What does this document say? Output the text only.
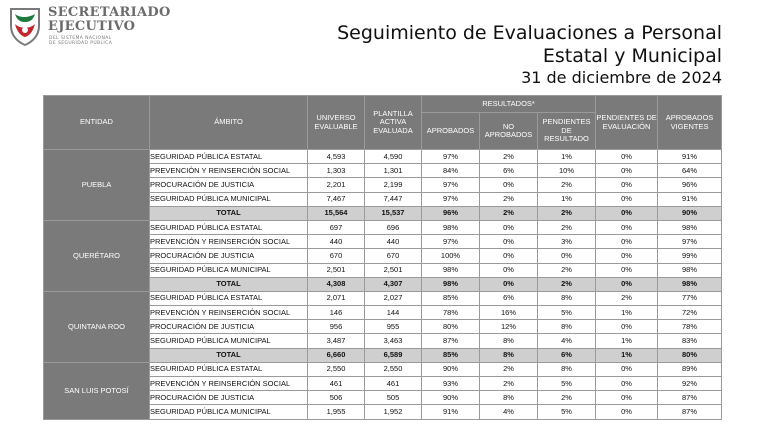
SECRETARIADO
EJECUTIVO
DEL SISTEMA NACIONAL
DE SEGURIDAD PÚBLICA	Seguimiento de Evaluaciones a Personal
Estatal y Municipal
31 de diciembre de 2024
ENTIDAD	ÁMBITO	UNIVERSO EVALUABLE	PLANTILLA ACTIVA EVALUADA	RESULTADOS*			PENDIENTES DE EVALUACIÓN	APROBADOS VIGENTES
				APROBADOS	NO APROBADOS	PENDIENTES DE RESULTADO		
PUEBLA	SEGURIDAD PÚBLICA ESTATAL	4,593	4,590	97%	2%	1%	0%	91%
	PREVENCIÓN Y REINSERCIÓN SOCIAL	1,303	1,301	84%	6%	10%	0%	64%
	PROCURACIÓN DE JUSTICIA	2,201	2,199	97%	0%	2%	0%	96%
	SEGURIDAD PÚBLICA MUNICIPAL	7,467	7,447	97%	2%	1%	0%	91%
	TOTAL	15,564	15,537	96%	2%	2%	0%	90%
QUERÉTARO	SEGURIDAD PÚBLICA ESTATAL	697	696	98%	0%	2%	0%	98%
	PREVENCIÓN Y REINSERCIÓN SOCIAL	440	440	97%	0%	3%	0%	97%
	PROCURACIÓN DE JUSTICIA	670	670	100%	0%	0%	0%	99%
	SEGURIDAD PÚBLICA MUNICIPAL	2,501	2,501	98%	0%	2%	0%	98%
	TOTAL	4,308	4,307	98%	0%	2%	0%	98%
QUINTANA ROO	SEGURIDAD PÚBLICA ESTATAL	2,071	2,027	85%	6%	8%	2%	77%
	PREVENCIÓN Y REINSERCIÓN SOCIAL	146	144	78%	16%	5%	1%	72%
	PROCURACIÓN DE JUSTICIA	956	955	80%	12%	8%	0%	78%
	SEGURIDAD PÚBLICA MUNICIPAL	3,487	3,463	87%	8%	4%	1%	83%
	TOTAL	6,660	6,589	85%	8%	6%	1%	80%
SAN LUIS POTOSÍ	SEGURIDAD PÚBLICA ESTATAL	2,550	2,550	90%	2%	8%	0%	89%
	PREVENCIÓN Y REINSERCIÓN SOCIAL	461	461	93%	2%	5%	0%	92%
	PROCURACIÓN DE JUSTICIA	506	505	90%	8%	2%	0%	87%
	SEGURIDAD PÚBLICA MUNICIPAL	1,955	1,952	91%	4%	5%	0%	87%
